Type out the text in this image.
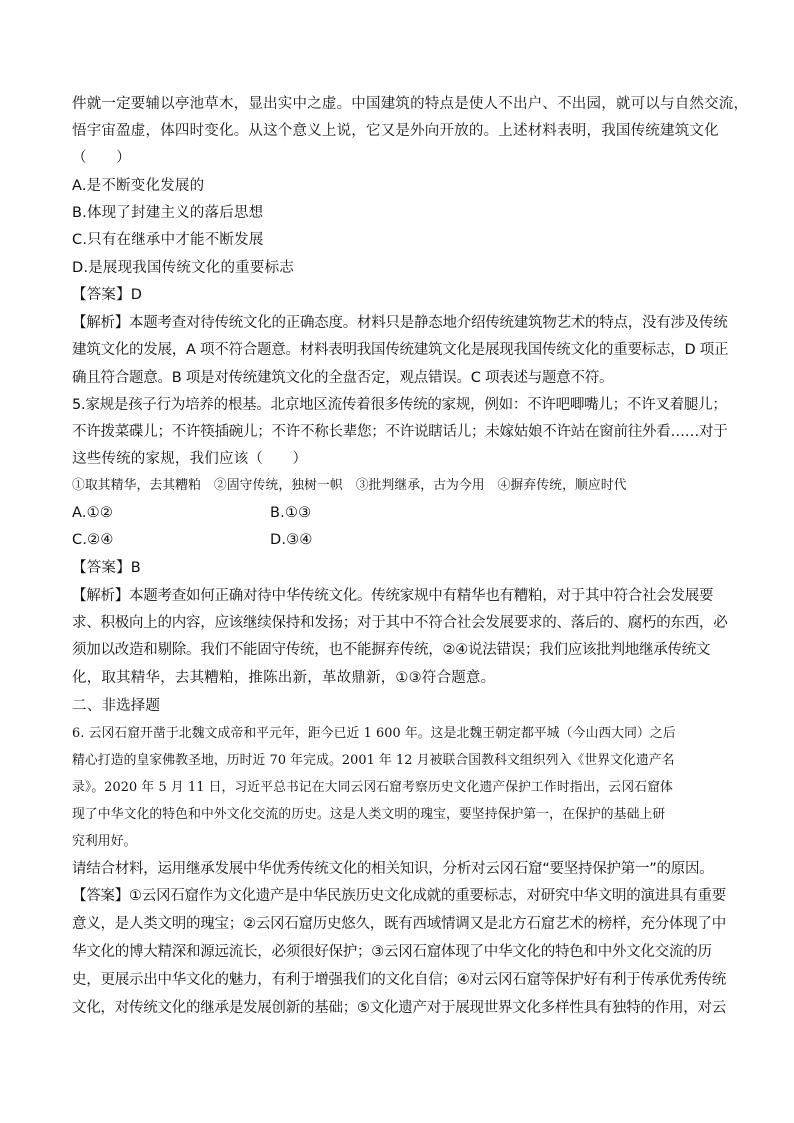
件就一定要辅以亭池草木，显出实中之虚。中国建筑的特点是使人不出户、不出园，就可以与自然交流，
悟宇宙盈虚，体四时变化。从这个意义上说，它又是外向开放的。上述材料表明，我国传统建筑文化
（　　）
A.是不断变化发展的
B.体现了封建主义的落后思想
C.只有在继承中才能不断发展
D.是展现我国传统文化的重要标志
【答案】D
【解析】本题考查对待传统文化的正确态度。材料只是静态地介绍传统建筑物艺术的特点，没有涉及传统
建筑文化的发展，A 项不符合题意。材料表明我国传统建筑文化是展现我国传统文化的重要标志，D 项正
确且符合题意。B 项是对传统建筑文化的全盘否定，观点错误。C 项表述与题意不符。
5.家规是孩子行为培养的根基。北京地区流传着很多传统的家规，例如：不许吧唧嘴儿；不许叉着腿儿；
不许拨菜碟儿；不许筷插碗儿；不许不称长辈您；不许说瞎话儿；未嫁姑娘不许站在窗前往外看……对于
这些传统的家规，我们应该（　　）
①取其精华，去其糟粕　②固守传统，独树一帜　③批判继承，古为今用　④摒弃传统，顺应时代
A.①②	B.①③
C.②④	D.③④
【答案】B
【解析】本题考查如何正确对待中华传统文化。传统家规中有精华也有糟粕，对于其中符合社会发展要
求、积极向上的内容，应该继续保持和发扬；对于其中不符合社会发展要求的、落后的、腐朽的东西，必
须加以改造和剔除。我们不能固守传统，也不能摒弃传统，②④说法错误；我们应该批判地继承传统文
化，取其精华，去其糟粕，推陈出新，革故鼎新，①③符合题意。
二、非选择题
6. 云冈石窟开凿于北魏文成帝和平元年，距今已近 1 600 年。这是北魏王朝定都平城（今山西大同）之后
精心打造的皇家佛教圣地，历时近 70 年完成。2001 年 12 月被联合国教科文组织列入《世界文化遗产名
录》。2020 年 5 月 11 日，习近平总书记在大同云冈石窟考察历史文化遗产保护工作时指出，云冈石窟体
现了中华文化的特色和中外文化交流的历史。这是人类文明的瑰宝，要坚持保护第一，在保护的基础上研
究利用好。
请结合材料，运用继承发展中华优秀传统文化的相关知识，分析对云冈石窟“要坚持保护第一”的原因。
【答案】①云冈石窟作为文化遗产是中华民族历史文化成就的重要标志，对研究中华文明的演进具有重要
意义，是人类文明的瑰宝；②云冈石窟历史悠久，既有西域情调又是北方石窟艺术的榜样，充分体现了中
华文化的博大精深和源远流长，必须很好保护；③云冈石窟体现了中华文化的特色和中外文化交流的历
史，更展示出中华文化的魅力，有利于增强我们的文化自信；④对云冈石窟等保护好有利于传承优秀传统
文化，对传统文化的继承是发展创新的基础；⑤文化遗产对于展现世界文化多样性具有独特的作用，对云
